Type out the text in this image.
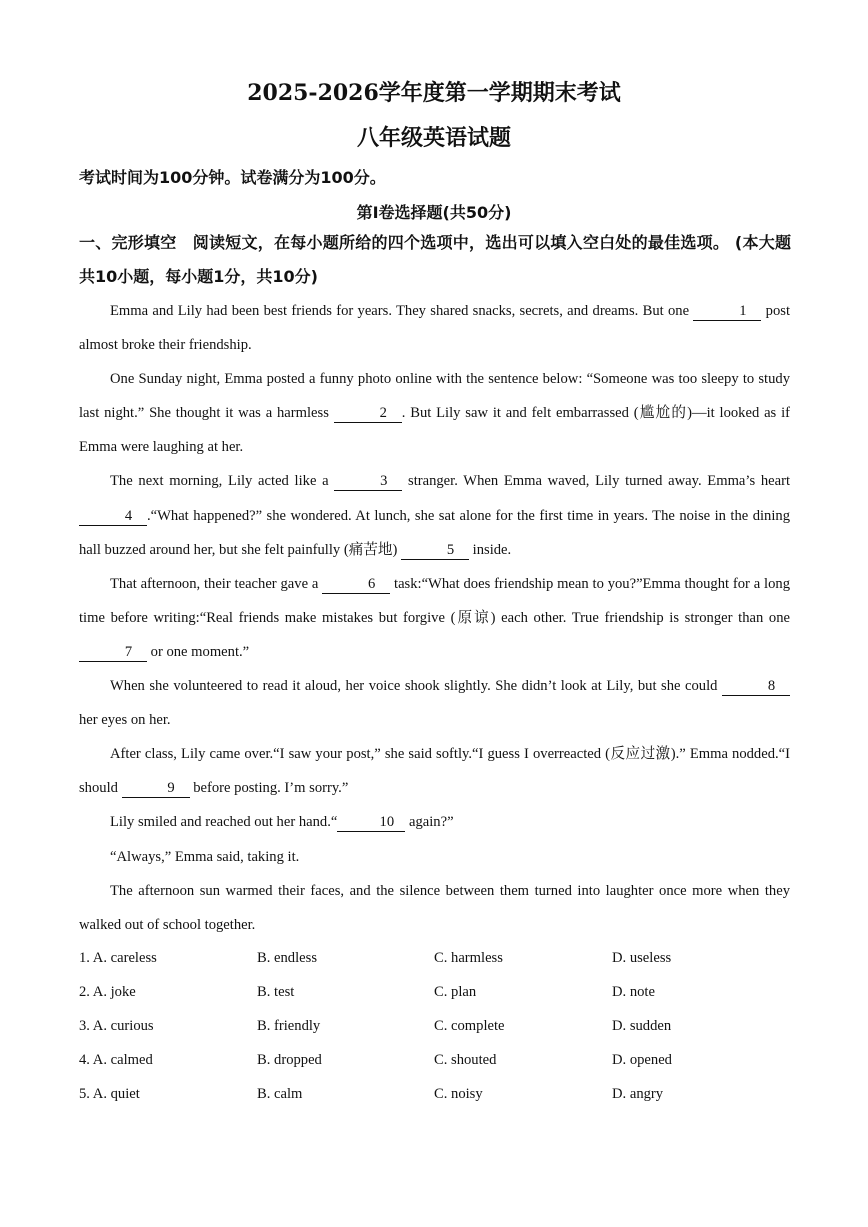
2025-2026学年度第一学期期末考试
八年级英语试题
考试时间为100分钟。试卷满分为100分。
第I卷选择题(共50分)
一、完形填空　阅读短文，在每小题所给的四个选项中，选出可以填入空白处的最佳选项。 (本大题共10小题，每小题1分，共10分)

Emma and Lily had been best friends for years. They shared snacks, secrets, and dreams. But one	1 post almost broke their friendship.

One Sunday night, Emma posted a funny photo online with the sentence below: “Someone was too sleepy to study last night.” She thought it was a harmless	2 . But Lily saw it and felt embarrassed (尴尬的)—it looked as if Emma were laughing at her.

The next morning, Lily acted like a	3 stranger. When Emma waved, Lily turned away. Emma’s heart 4 .“What happened?” she wondered. At lunch, she sat alone for the first time in years. The noise in the dining hall buzzed around her, but she felt painfully (痛苦地)	5 inside.

That afternoon, their teacher gave a	6 task:“What does friendship mean to you?”Emma thought for a long time before writing:“Real friends make mistakes but forgive (原谅) each other. True friendship is stronger than one 7 or one moment.”

When she volunteered to read it aloud, her voice shook slightly. She didn’t look at Lily, but she could	8 her eyes on her.

After class, Lily came over.“I saw your post,” she said softly.“I guess I overreacted (反应过激).” Emma nodded.“I should	9 before posting. I’m sorry.”

Lily smiled and reached out her hand.“	10 again?”

“Always,” Emma said, taking it.

The afternoon sun warmed their faces, and the silence between them turned into laughter once more when they walked out of school together.

1. A. careless	B. endless	C. harmless	D. useless
2. A. joke	B. test	C. plan	D. note
3. A. curious	B. friendly	C. complete	D. sudden
4. A. calmed	B. dropped	C. shouted	D. opened
5. A. quiet	B. calm	C. noisy	D. angry
